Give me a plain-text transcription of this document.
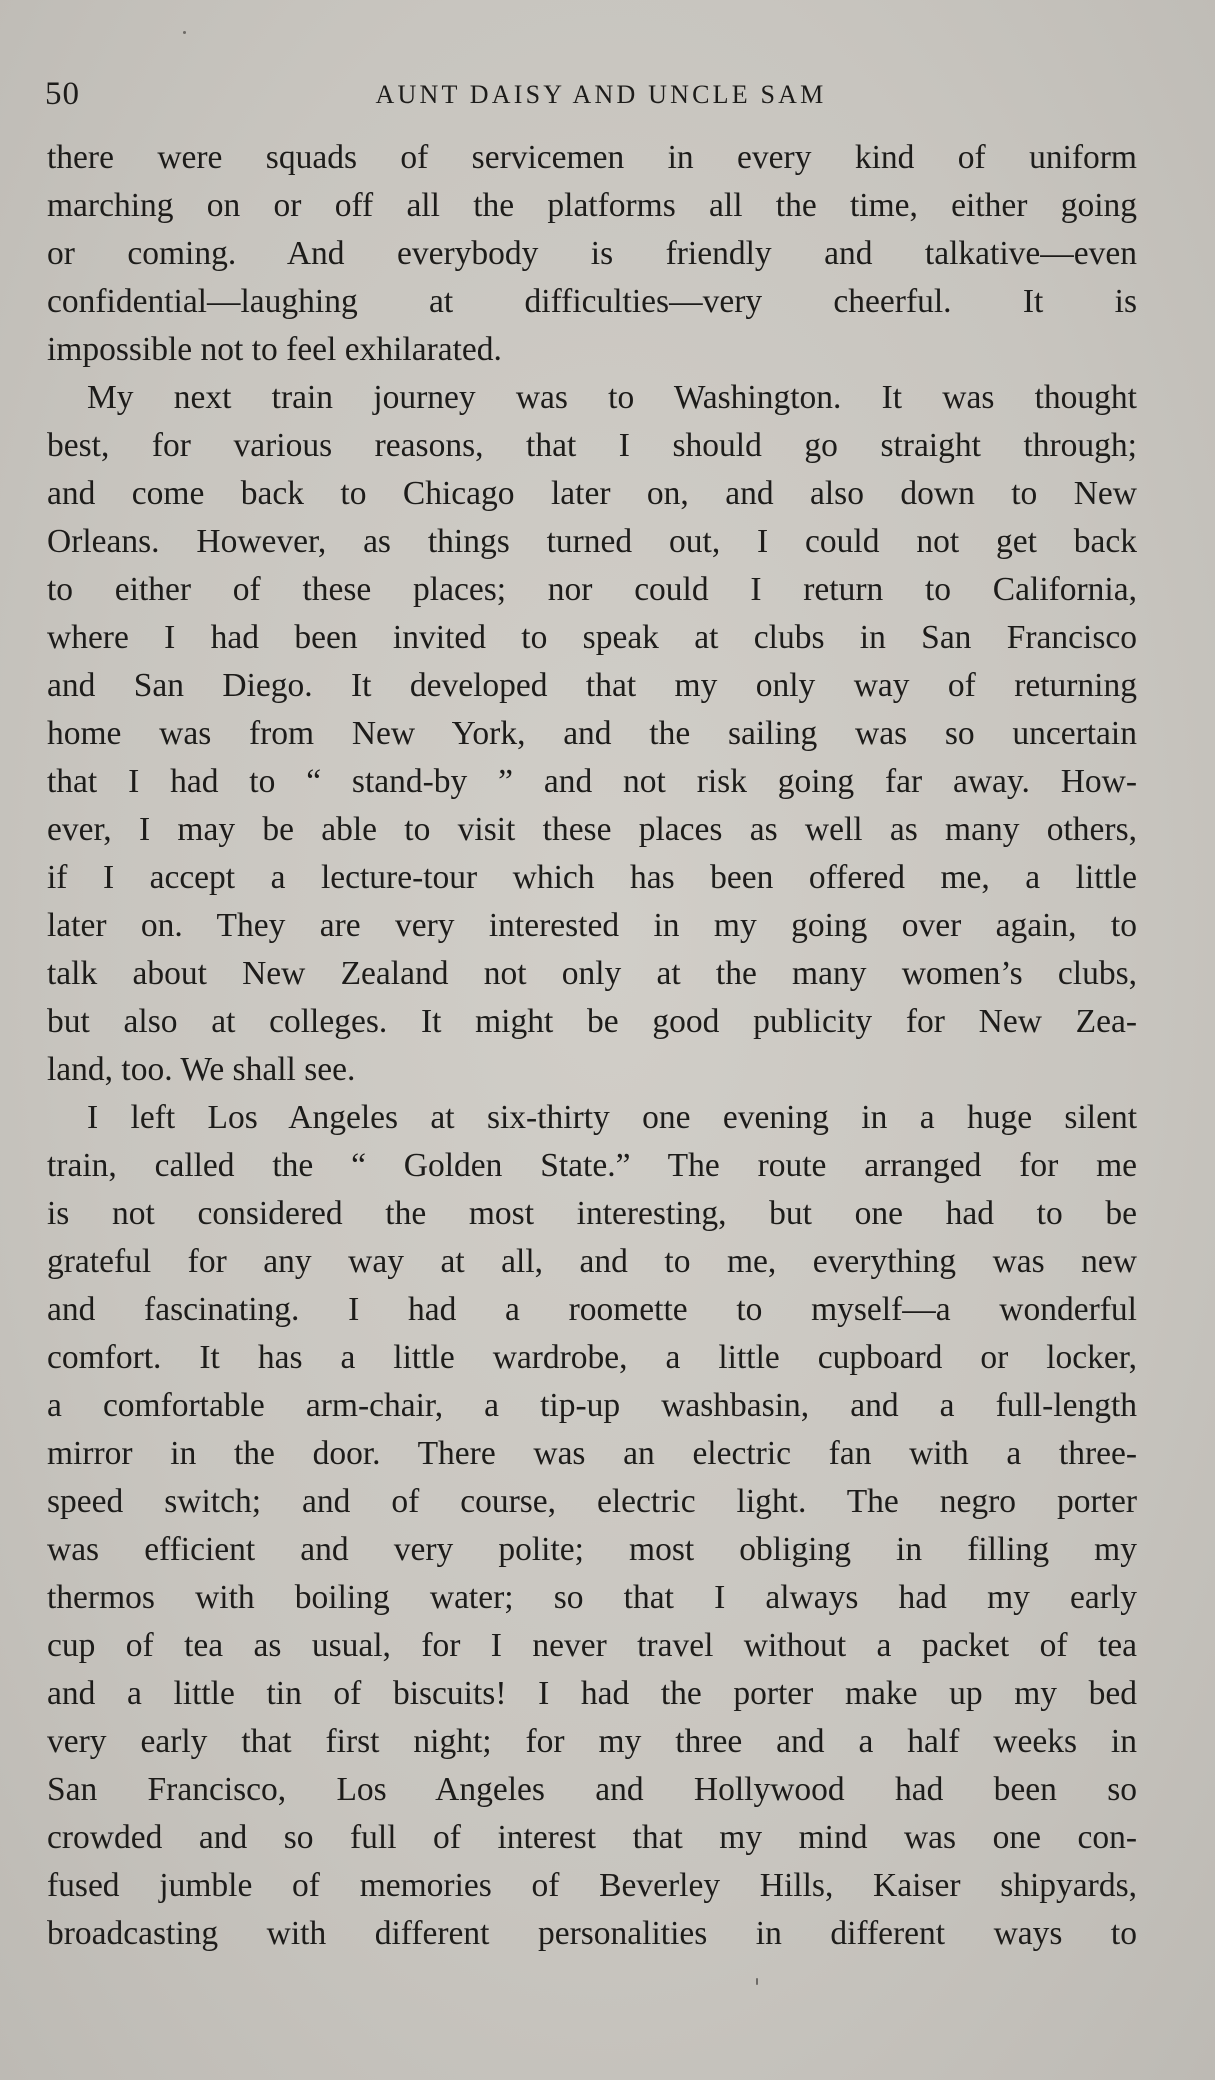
50	AUNT DAISY AND UNCLE SAM
there were squads of servicemen in every kind of uniform
marching on or off all the platforms all the time, either going
or coming. And everybody is friendly and talkative—even
confidential—laughing at difficulties—very cheerful. It is
impossible not to feel exhilarated.
My next train journey was to Washington. It was thought
best, for various reasons, that I should go straight through;
and come back to Chicago later on, and also down to New
Orleans. However, as things turned out, I could not get back
to either of these places; nor could I return to California,
where I had been invited to speak at clubs in San Francisco
and San Diego. It developed that my only way of returning
home was from New York, and the sailing was so uncertain
that I had to “ stand-by ” and not risk going far away. How-
ever, I may be able to visit these places as well as many others,
if I accept a lecture-tour which has been offered me, a little
later on. They are very interested in my going over again, to
talk about New Zealand not only at the many women’s clubs,
but also at colleges. It might be good publicity for New Zea-
land, too. We shall see.
I left Los Angeles at six-thirty one evening in a huge silent
train, called the “ Golden State.” The route arranged for me
is not considered the most interesting, but one had to be
grateful for any way at all, and to me, everything was new
and fascinating. I had a roomette to myself—a wonderful
comfort. It has a little wardrobe, a little cupboard or locker,
a comfortable arm-chair, a tip-up washbasin, and a full-length
mirror in the door. There was an electric fan with a three-
speed switch; and of course, electric light. The negro porter
was efficient and very polite; most obliging in filling my
thermos with boiling water; so that I always had my early
cup of tea as usual, for I never travel without a packet of tea
and a little tin of biscuits! I had the porter make up my bed
very early that first night; for my three and a half weeks in
San Francisco, Los Angeles and Hollywood had been so
crowded and so full of interest that my mind was one con-
fused jumble of memories of Beverley Hills, Kaiser shipyards,
broadcasting with different personalities in different ways to
